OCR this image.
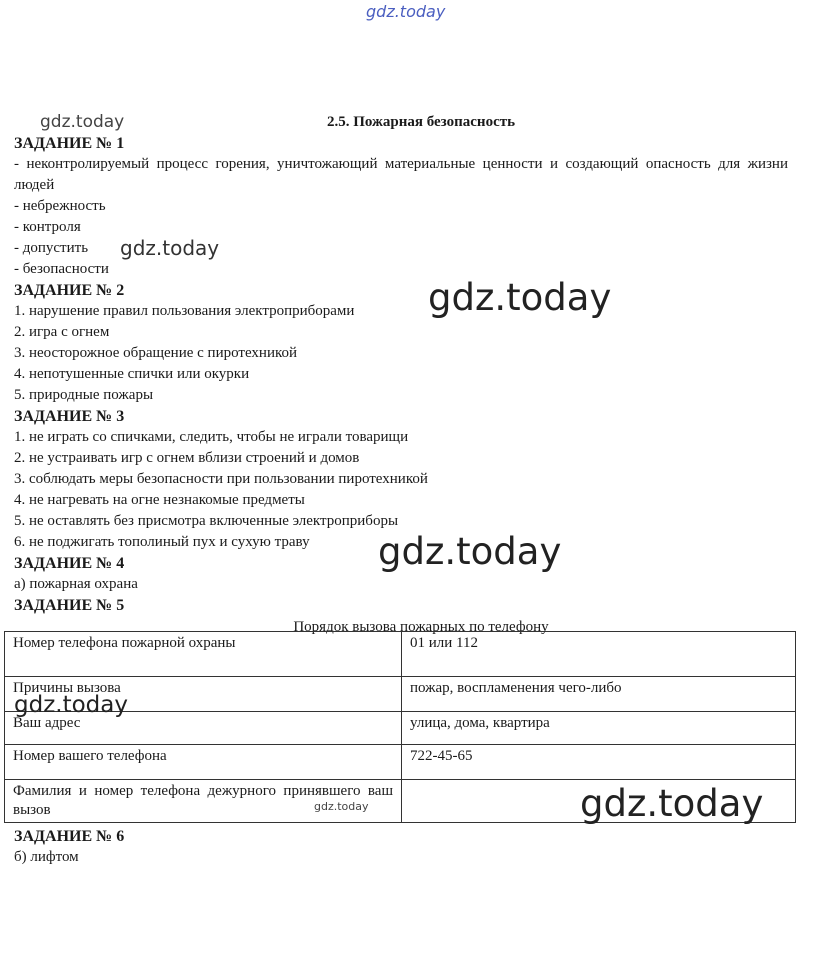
gdz.today
gdz.today
gdz.today
2.5. Пожарная безопасность
ЗАДАНИЕ № 1
- неконтролируемый процесс горения, уничтожающий материальные ценности и создающий опасность для жизни людей
- небрежность
- контроля
- допустить
- безопасности
ЗАДАНИЕ № 2
1. нарушение правил пользования электроприборами
2. игра с огнем
3. неосторожное обращение с пиротехникой
4. непотушенные спички или окурки
5. природные пожары
ЗАДАНИЕ № 3
1. не играть со спичками, следить, чтобы не играли товарищи
2. не устраивать игр с огнем вблизи строений и домов
3. соблюдать меры безопасности при пользовании пиротехникой
4. не нагревать на огне незнакомые предметы
5. не оставлять без присмотра включенные электроприборы
6. не поджигать тополиный пух и сухую траву
ЗАДАНИЕ № 4
а) пожарная охрана
ЗАДАНИЕ № 5
Порядок вызова пожарных по телефону
Номер телефона пожарной охраны	01 или 112
Причины вызова	пожар, воспламенения чего-либо
Ваш адрес	улица, дома, квартира
Номер вашего телефона	722-45-65
Фамилия и номер телефона дежурного принявшего ваш вызов	
ЗАДАНИЕ № 6
б) лифтом
gdz.today
gdz.today
gdz.today
gdz.today	gdz.today
